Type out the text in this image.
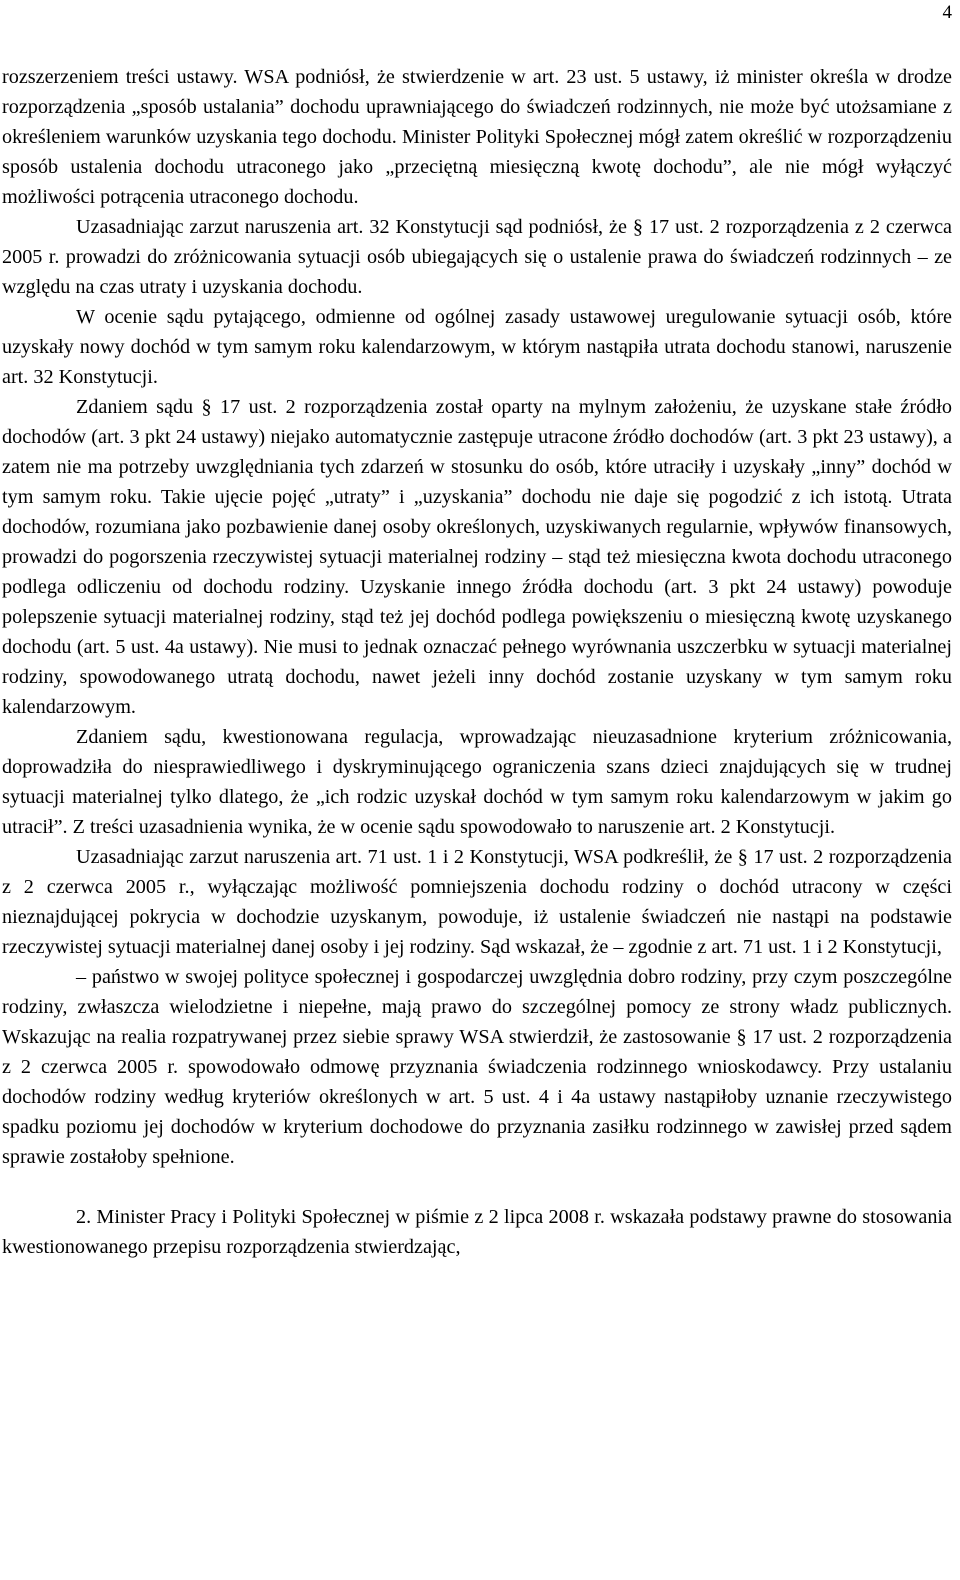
4

rozszerzeniem treści ustawy. WSA podniósł, że stwierdzenie w art. 23 ust. 5 ustawy, iż minister określa w drodze rozporządzenia „sposób ustalania” dochodu uprawniającego do świadczeń rodzinnych, nie może być utożsamiane z określeniem warunków uzyskania tego dochodu. Minister Polityki Społecznej mógł zatem określić w rozporządzeniu sposób ustalenia dochodu utraconego jako „przeciętną miesięczną kwotę dochodu”, ale nie mógł wyłączyć możliwości potrącenia utraconego dochodu.

Uzasadniając zarzut naruszenia art. 32 Konstytucji sąd podniósł, że § 17 ust. 2 rozporządzenia z 2 czerwca 2005 r. prowadzi do zróżnicowania sytuacji osób ubiegających się o ustalenie prawa do świadczeń rodzinnych – ze względu na czas utraty i uzyskania dochodu.

W ocenie sądu pytającego, odmienne od ogólnej zasady ustawowej uregulowanie sytuacji osób, które uzyskały nowy dochód w tym samym roku kalendarzowym, w którym nastąpiła utrata dochodu stanowi, naruszenie art. 32 Konstytucji.

Zdaniem sądu § 17 ust. 2 rozporządzenia został oparty na mylnym założeniu, że uzyskane stałe źródło dochodów (art. 3 pkt 24 ustawy) niejako automatycznie zastępuje utracone źródło dochodów (art. 3 pkt 23 ustawy), a zatem nie ma potrzeby uwzględniania tych zdarzeń w stosunku do osób, które utraciły i uzyskały „inny” dochód w tym samym roku. Takie ujęcie pojęć „utraty” i „uzyskania” dochodu nie daje się pogodzić z ich istotą. Utrata dochodów, rozumiana jako pozbawienie danej osoby określonych, uzyskiwanych regularnie, wpływów finansowych, prowadzi do pogorszenia rzeczywistej sytuacji materialnej rodziny – stąd też miesięczna kwota dochodu utraconego podlega odliczeniu od dochodu rodziny. Uzyskanie innego źródła dochodu (art. 3 pkt 24 ustawy) powoduje polepszenie sytuacji materialnej rodziny, stąd też jej dochód podlega powiększeniu o miesięczną kwotę uzyskanego dochodu (art. 5 ust. 4a ustawy). Nie musi to jednak oznaczać pełnego wyrównania uszczerbku w sytuacji materialnej rodziny, spowodowanego utratą dochodu, nawet jeżeli inny dochód zostanie uzyskany w tym samym roku kalendarzowym.

Zdaniem sądu, kwestionowana regulacja, wprowadzając nieuzasadnione kryterium zróżnicowania, doprowadziła do niesprawiedliwego i dyskryminującego ograniczenia szans dzieci znajdujących się w trudnej sytuacji materialnej tylko dlatego, że „ich rodzic uzyskał dochód w tym samym roku kalendarzowym w jakim go utracił”. Z treści uzasadnienia wynika, że w ocenie sądu spowodowało to naruszenie art. 2 Konstytucji.

Uzasadniając zarzut naruszenia art. 71 ust. 1 i 2 Konstytucji, WSA podkreślił, że § 17 ust. 2 rozporządzenia z 2 czerwca 2005 r., wyłączając możliwość pomniejszenia dochodu rodziny o dochód utracony w części nieznajdującej pokrycia w dochodzie uzyskanym, powoduje, iż ustalenie świadczeń nie nastąpi na podstawie rzeczywistej sytuacji materialnej danej osoby i jej rodziny. Sąd wskazał, że – zgodnie z art. 71 ust. 1 i 2 Konstytucji,

– państwo w swojej polityce społecznej i gospodarczej uwzględnia dobro rodziny, przy czym poszczególne rodziny, zwłaszcza wielodzietne i niepełne, mają prawo do szczególnej pomocy ze strony władz publicznych. Wskazując na realia rozpatrywanej przez siebie sprawy WSA stwierdził, że zastosowanie § 17 ust. 2 rozporządzenia z 2 czerwca 2005 r. spowodowało odmowę przyznania świadczenia rodzinnego wnioskodawcy. Przy ustalaniu dochodów rodziny według kryteriów określonych w art. 5 ust. 4 i 4a ustawy nastąpiłoby uznanie rzeczywistego spadku poziomu jej dochodów w kryterium dochodowe do przyznania zasiłku rodzinnego w zawisłej przed sądem sprawie zostałoby spełnione.

2. Minister Pracy i Polityki Społecznej w piśmie z 2 lipca 2008 r. wskazała podstawy prawne do stosowania kwestionowanego przepisu rozporządzenia stwierdzając,
